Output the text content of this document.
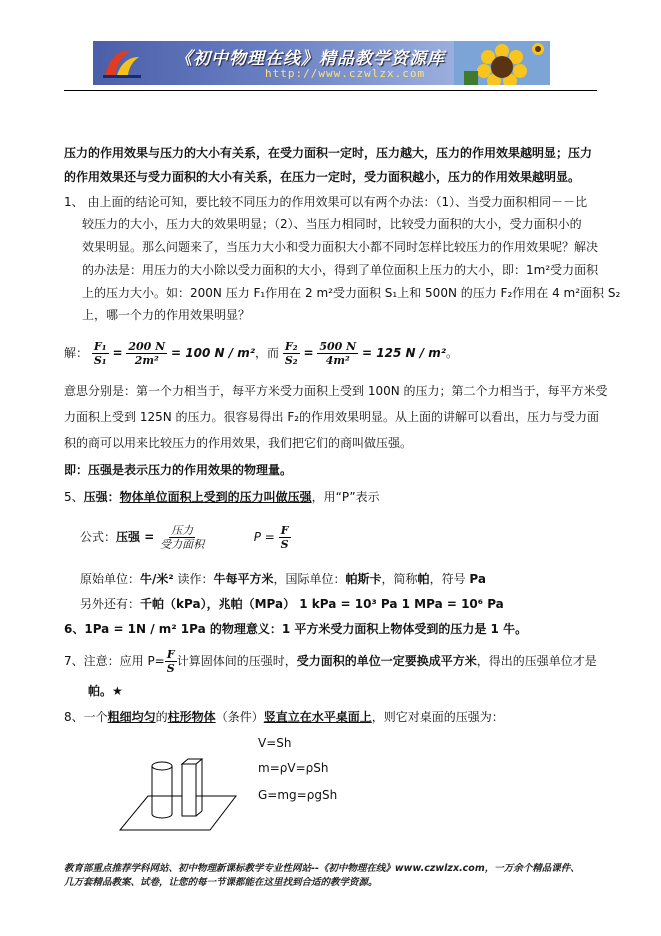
《初中物理在线》精品教学资源库
http://www.czwlzx.com
压力的作用效果与压力的大小有关系，在受力面积一定时，压力越大，压力的作用效果越明显；压力
的作用效果还与受力面积的大小有关系，在压力一定时，受力面积越小，压力的作用效果越明显。
1、 由上面的结论可知，要比较不同压力的作用效果可以有两个办法：（1）、当受力面积相同－－比
较压力的大小，压力大的效果明显；（2）、当压力相同时，比较受力面积的大小，受力面积小的
效果明显。那么问题来了，当压力大小和受力面积大小都不同时怎样比较压力的作用效果呢？解决
的办法是：用压力的大小除以受力面积的大小，得到了单位面积上压力的大小，即：1m²受力面积
上的压力大小。如：200N 压力 F₁作用在 2 m²受力面积 S₁上和 500N 的压力 F₂作用在 4 m²面积 S₂
上，哪一个力的作用效果明显？
解： $\frac{\text{F₁}}{\text{S₁}} = \frac{200 N}{\text{2m²}} = 100$ N / m²，而 $\frac{\text{F₂}}{\text{S₂}} = \frac{500 N}{\text{4m²}} = 125$ N / m²。
意思分别是：第一个力相当于，每平方米受力面积上受到 100N 的压力；第二个力相当于，每平方米受
力面积上受到 125N 的压力。很容易得出 F₂的作用效果明显。从上面的讲解可以看出，压力与受力面
积的商可以用来比较压力的作用效果，我们把它们的商叫做压强。
即：压强是表示压力的作用效果的物理量。
5、压强：物体单位面积上受到的压力叫做压强，用“P”表示
公式：压强 = $\frac{\text{压力}}{\text{受力面积}}$	$P = \frac{F}{S}$
原始单位：牛/米² 读作：牛每平方米，国际单位：帕斯卡，简称帕，符号 Pa
另外还有：千帕（kPa），兆帕（MPa） 1 kPa = 10³ Pa 1 MPa = 10⁶ Pa
6、1Pa = 1N / m² 1Pa 的物理意义：1 平方米受力面积上物体受到的压力是 1 牛。
7、注意：应用 $P= \frac{F}{S}$ 计算固体间的压强时，受力面积的单位一定要换成平方米，得出的压强单位才是
帕。★
8、一个粗细均匀的柱形物体（条件）竖直立在水平桌面上，则它对桌面的压强为：
V=Sh
m=ρV=ρSh
G=mg=ρgSh
教育部重点推荐学科网站、初中物理新课标教学专业性网站--《初中物理在线》www.czwlzx.com，一万余个精品课件、
几万套精品教案、试卷，让您的每一节课都能在这里找到合适的教学资源。
